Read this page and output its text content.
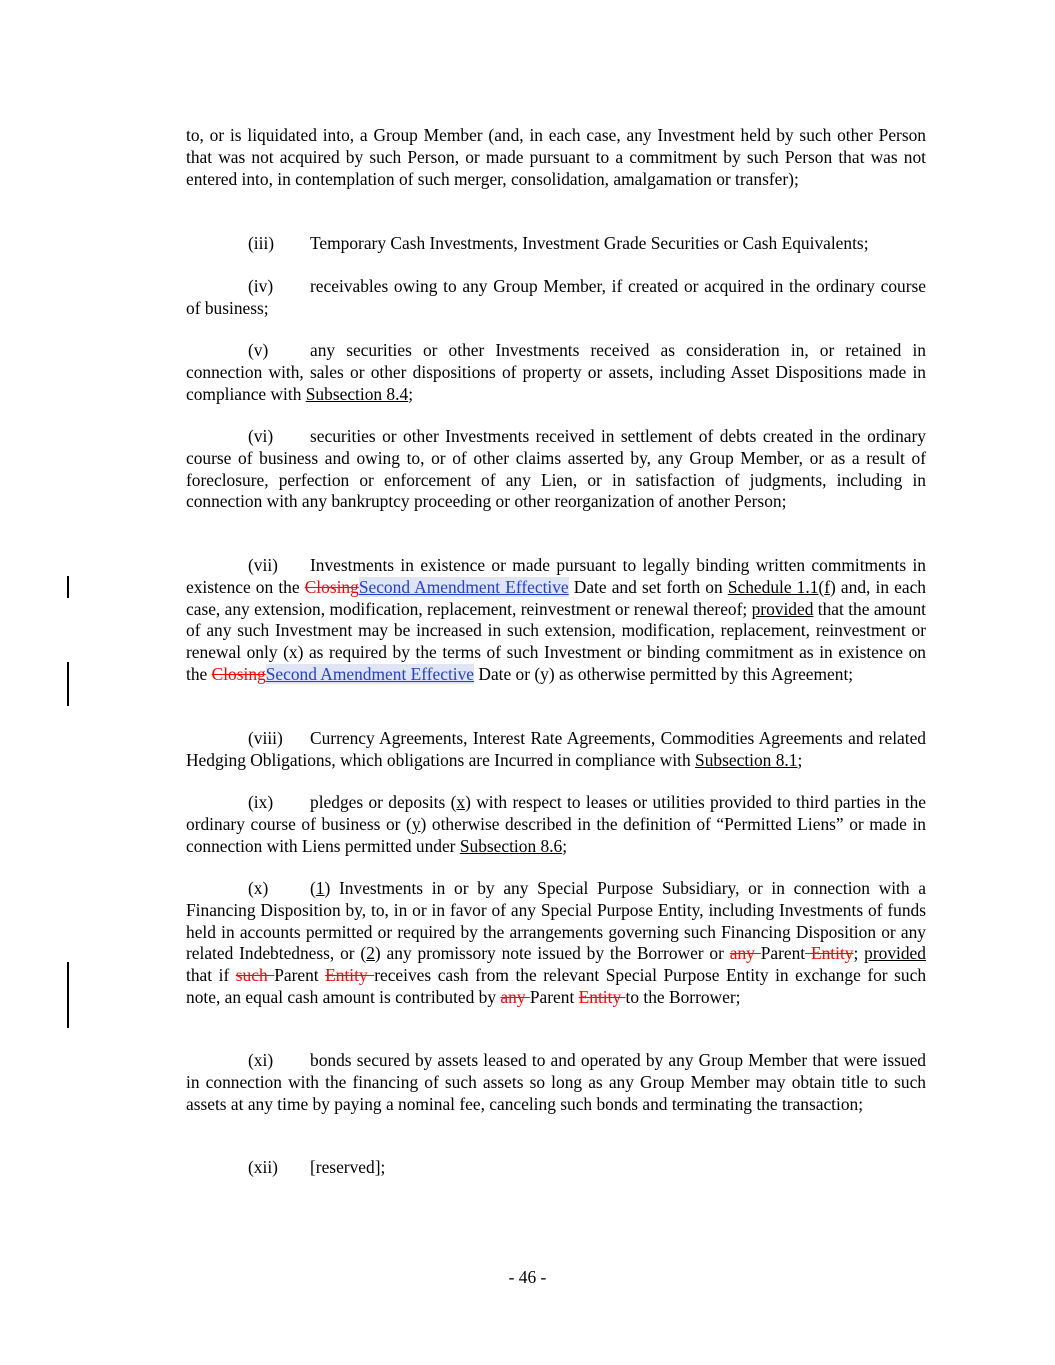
to, or is liquidated into, a Group Member (and, in each case, any Investment held by such other Person that was not acquired by such Person, or made pursuant to a commitment by such Person that was not entered into, in contemplation of such merger, consolidation, amalgamation or transfer);

(iii) Temporary Cash Investments, Investment Grade Securities or Cash Equivalents;

(iv) receivables owing to any Group Member, if created or acquired in the ordinary course of business;

(v) any securities or other Investments received as consideration in, or retained in connection with, sales or other dispositions of property or assets, including Asset Dispositions made in compliance with Subsection 8.4;

(vi) securities or other Investments received in settlement of debts created in the ordinary course of business and owing to, or of other claims asserted by, any Group Member, or as a result of foreclosure, perfection or enforcement of any Lien, or in satisfaction of judgments, including in connection with any bankruptcy proceeding or other reorganization of another Person;

(vii) Investments in existence or made pursuant to legally binding written commitments in existence on the ClosingSecond Amendment Effective Date and set forth on Schedule 1.1(f) and, in each case, any extension, modification, replacement, reinvestment or renewal thereof; provided that the amount of any such Investment may be increased in such extension, modification, replacement, reinvestment or renewal only (x) as required by the terms of such Investment or binding commitment as in existence on the ClosingSecond Amendment Effective Date or (y) as otherwise permitted by this Agreement;

(viii) Currency Agreements, Interest Rate Agreements, Commodities Agreements and related Hedging Obligations, which obligations are Incurred in compliance with Subsection 8.1;

(ix) pledges or deposits (x) with respect to leases or utilities provided to third parties in the ordinary course of business or (y) otherwise described in the definition of “Permitted Liens” or made in connection with Liens permitted under Subsection 8.6;

(x) (1) Investments in or by any Special Purpose Subsidiary, or in connection with a Financing Disposition by, to, in or in favor of any Special Purpose Entity, including Investments of funds held in accounts permitted or required by the arrangements governing such Financing Disposition or any related Indebtedness, or (2) any promissory note issued by the Borrower or any Parent Entity; provided that if such Parent Entity receives cash from the relevant Special Purpose Entity in exchange for such note, an equal cash amount is contributed by any Parent Entity to the Borrower;

(xi) bonds secured by assets leased to and operated by any Group Member that were issued in connection with the financing of such assets so long as any Group Member may obtain title to such assets at any time by paying a nominal fee, canceling such bonds and terminating the transaction;

(xii) [reserved];

- 46 -
